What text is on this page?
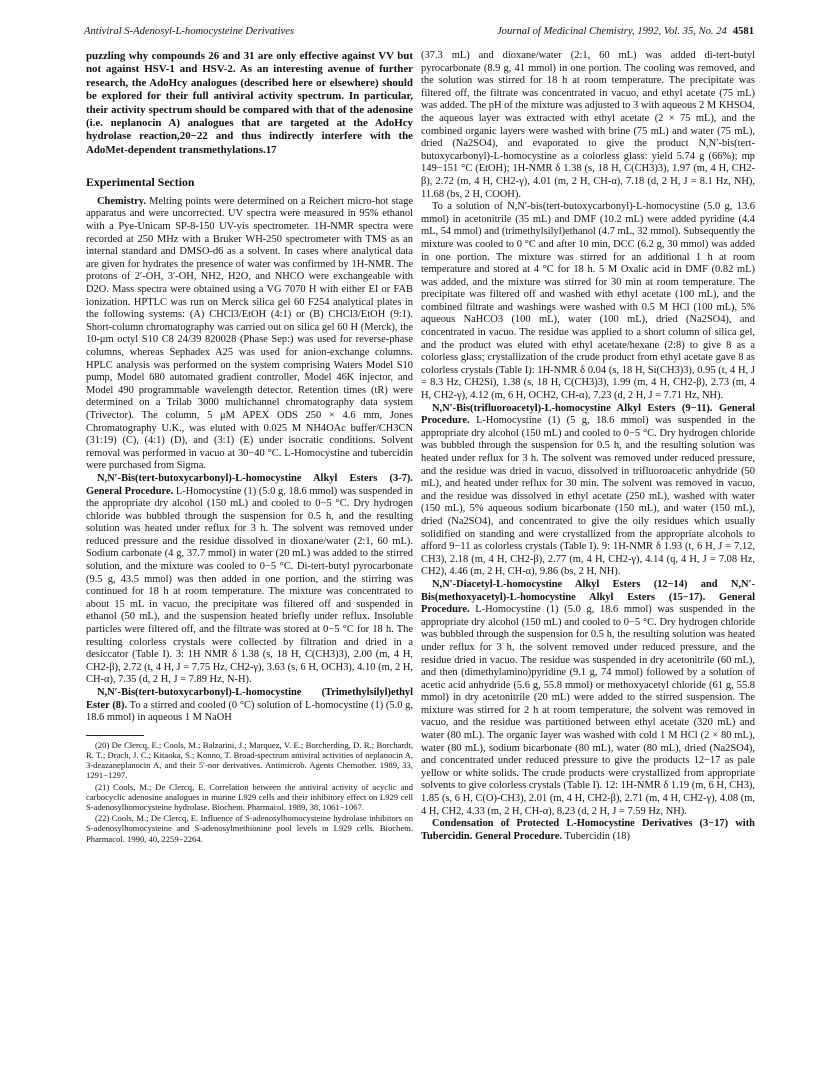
Antiviral S-Adenosyl-L-homocysteine Derivatives	Journal of Medicinal Chemistry, 1992, Vol. 35, No. 24 4581

puzzling why compounds 26 and 31 are only effective against VV but not against HSV-1 and HSV-2. As an interesting avenue of further research, the AdoHcy analogues (described here or elsewhere) should be explored for their full antiviral activity spectrum. In particular, their activity spectrum should be compared with that of the adenosine (i.e. neplanocin A) analogues that are targeted at the AdoHcy hydrolase reaction,20−22 and thus indirectly interfere with the AdoMet-dependent transmethylations.17

Experimental Section

Chemistry. Melting points were determined on a Reichert micro-hot stage apparatus and were uncorrected. UV spectra were measured in 95% ethanol with a Pye-Unicam SP-8-150 UV-vis spectrometer. 1H-NMR spectra were recorded at 250 MHz with a Bruker WH-250 spectrometer with TMS as an internal standard and DMSO-d6 as a solvent. In cases where analytical data are given for hydrates the presence of water was confirmed by 1H-NMR. The protons of 2′-OH, 3′-OH, NH2, H2O, and NHCO were exchangeable with D2O. Mass spectra were obtained using a VG 7070 H with either EI or FAB ionization. HPTLC was run on Merck silica gel 60 F254 analytical plates in the following systems: (A) CHCl3/EtOH (4:1) or (B) CHCl3/EtOH (9:1). Short-column chromatography was carried out on silica gel 60 H (Merck), the 10-μm octyl S10 C8 24/39 820028 (Phase Sep:) was used for reverse-phase columns, whereas Sephadex A25 was used for anion-exchange columns. HPLC analysis was performed on the system comprising Waters Model S10 pump, Model 680 automated gradient controller, Model 46K injector, and Model 490 programmable wavelength detector. Retention times (tR) were determined on a Trilab 3000 multichannel chromatography data system (Trivector). The column, 5 μM APEX ODS 250 × 4.6 mm, Jones Chromatography U.K., was eluted with 0.025 M NH4OAc buffer/CH3CN (31:19) (C), (4:1) (D), and (3:1) (E) under isocratic conditions. Solvent removal was performed in vacuo at 30−40 °C. L-Homocystine and tubercidin were purchased from Sigma.

N,N′-Bis(tert-butoxycarbonyl)-L-homocystine Alkyl Esters (3-7). General Procedure. L-Homocystine (1) (5.0 g, 18.6 mmol) was suspended in the appropriate dry alcohol (150 mL) and cooled to 0−5 °C. Dry hydrogen chloride was bubbled through the suspension for 0.5 h, and the resulting solution was heated under reflux for 3 h. The solvent was removed under reduced pressure and the residue dissolved in dioxane/water (2:1, 60 mL). Sodium carbonate (4 g, 37.7 mmol) in water (20 mL) was added to the stirred solution, and the mixture was cooled to 0−5 °C. Di-tert-butyl pyrocarbonate (9.5 g, 43.5 mmol) was then added in one portion, and the stirring was continued for 18 h at room temperature. The mixture was concentrated to about 15 mL in vacuo, the precipitate was filtered off and suspended in ethanol (50 mL), and the suspension heated briefly under reflux. Insoluble particles were filtered off, and the filtrate was stored at 0−5 °C for 18 h. The resulting colorless crystals were collected by filtration and dried in a desiccator (Table I). 3: 1H NMR δ 1.38 (s, 18 H, C(CH3)3), 2.00 (m, 4 H, CH2-β), 2.72 (t, 4 H, J = 7.75 Hz, CH2-γ), 3.63 (s, 6 H, OCH3), 4.10 (m, 2 H, CH-α), 7.35 (d, 2 H, J = 7.89 Hz, N-H).

N,N′-Bis(tert-butoxycarbonyl)-L-homocystine (Trimethylsilyl)ethyl Ester (8). To a stirred and cooled (0 °C) solution of L-homocystine (1) (5.0 g, 18.6 mmol) in aqueous 1 M NaOH

(20) De Clercq, E.; Cools, M.; Balzarini, J.; Marquez, V. E.; Borcherding, D. R.; Borchardt, R. T.; Drach, J. C.; Kitaoka, S.; Konno, T. Broad-spectrum antiviral activities of neplanocin A, 3-deazaneplanocin A, and their 5′-nor derivatives. Antimicrob. Agents Chemother. 1989, 33, 1291−1297.

(21) Cools, M.; De Clercq, E. Correlation between the antiviral activity of acyclic and carbocyclic adenosine analogues in murine L929 cells and their inhibitory effect on L929 cell S-adenosylhomocysteine hydrolase. Biochem. Pharmacol. 1989, 38, 1061−1067.

(22) Cools, M.; De Clercq, E. Influence of S-adenosylhomocysteine hydrolase inhibitors on S-adenosylhomocysteine and S-adenosylmethionine pool levels in L929 cells. Biochem. Pharmacol. 1990, 40, 2259−2264.

(37.3 mL) and dioxane/water (2:1, 60 mL) was added di-tert-butyl pyrocarbonate (8.9 g, 41 mmol) in one portion. The cooling was removed, and the solution was stirred for 18 h at room temperature. The precipitate was filtered off, the filtrate was concentrated in vacuo, and ethyl acetate (75 mL) was added. The pH of the mixture was adjusted to 3 with aqueous 2 M KHSO4, the aqueous layer was extracted with ethyl acetate (2 × 75 mL), and the combined organic layers were washed with brine (75 mL) and water (75 mL), dried (Na2SO4), and evaporated to give the product N,N′-bis(tert-butoxycarbonyl)-L-homocystine as a colorless glass: yield 5.74 g (66%); mp 149−151 °C (EtOH); 1H-NMR δ 1.38 (s, 18 H, C(CH3)3), 1.97 (m, 4 H, CH2-β), 2.72 (m, 4 H, CH2-γ), 4.01 (m, 2 H, CH-α), 7.18 (d, 2 H, J = 8.1 Hz, NH), 11.68 (bs, 2 H, COOH).

To a solution of N,N′-bis(tert-butoxycarbonyl)-L-homocystine (5.0 g, 13.6 mmol) in acetonitrile (35 mL) and DMF (10.2 mL) were added pyridine (4.4 mL, 54 mmol) and (trimethylsilyl)ethanol (4.7 mL, 32 mmol). Subsequently the mixture was cooled to 0 °C and after 10 min, DCC (6.2 g, 30 mmol) was added in one portion. The mixture was stirred for an additional 1 h at room temperature and stored at 4 °C for 18 h. 5 M Oxalic acid in DMF (0.82 mL) was added, and the mixture was stirred for 30 min at room temperature. The precipitate was filtered off and washed with ethyl acetate (100 mL), and the combined filtrate and washings were washed with 0.5 M HCl (100 mL), 5% aqueous NaHCO3 (100 mL), water (100 mL), dried (Na2SO4), and concentrated in vacuo. The residue was applied to a short column of silica gel, and the product was eluted with ethyl acetate/hexane (2:8) to give 8 as a colorless glass; crystallization of the crude product from ethyl acetate gave 8 as colorless crystals (Table I): 1H-NMR δ 0.04 (s, 18 H, Si(CH3)3), 0.95 (t, 4 H, J = 8.3 Hz, CH2Si), 1.38 (s, 18 H, C(CH3)3), 1.99 (m, 4 H, CH2-β), 2.73 (m, 4 H, CH2-γ), 4.12 (m, 6 H, OCH2, CH-α), 7.23 (d, 2 H, J = 7.71 Hz, NH).

N,N′-Bis(trifluoroacetyl)-L-homocystine Alkyl Esters (9−11). General Procedure. L-Homocystine (1) (5 g, 18.6 mmol) was suspended in the appropriate dry alcohol (150 mL) and cooled to 0−5 °C. Dry hydrogen chloride was bubbled through the suspension for 0.5 h, and the resulting solution was heated under reflux for 3 h. The solvent was removed under reduced pressure, and the residue was dried in vacuo, dissolved in trifluoroacetic anhydride (50 mL), and heated under reflux for 30 min. The solvent was removed in vacuo, and the residue was dissolved in ethyl acetate (250 mL), washed with water (150 mL), 5% aqueous sodium bicarbonate (150 mL), and water (150 mL), dried (Na2SO4), and concentrated to give the oily residues which usually solidified on standing and were crystallized from the appropriate alcohols to afford 9−11 as colorless crystals (Table I). 9: 1H-NMR δ 1.93 (t, 6 H, J = 7.12, CH3), 2.18 (m, 4 H, CH2-β), 2.77 (m, 4 H, CH2-γ), 4.14 (q, 4 H, J = 7.08 Hz, CH2), 4.46 (m, 2 H, CH-α), 9.86 (bs, 2 H, NH).

N,N′-Diacetyl-L-homocystine Alkyl Esters (12−14) and N,N′-Bis(methoxyacetyl)-L-homocystine Alkyl Esters (15−17). General Procedure. L-Homocystine (1) (5.0 g, 18.6 mmol) was suspended in the appropriate dry alcohol (150 mL) and cooled to 0−5 °C. Dry hydrogen chloride was bubbled through the suspension for 0.5 h, the resulting solution was heated under reflux for 3 h, the solvent removed under reduced pressure, and the residue dried in vacuo. The residue was suspended in dry acetonitrile (60 mL), and then (dimethylamino)pyridine (9.1 g, 74 mmol) followed by a solution of acetic acid anhydride (5.6 g, 55.8 mmol) or methoxyacetyl chloride (61 g, 55.8 mmol) in dry acetonitrile (20 mL) were added to the stirred suspension. The mixture was stirred for 2 h at room temperature, the solvent was removed in vacuo, and the residue was partitioned between ethyl acetate (320 mL) and water (80 mL). The organic layer was washed with cold 1 M HCl (2 × 80 mL), water (80 mL), sodium bicarbonate (80 mL), water (80 mL), dried (Na2SO4), and concentrated under reduced pressure to give the products 12−17 as pale yellow or white solids. The crude products were crystallized from appropriate solvents to give colorless crystals (Table I). 12: 1H-NMR δ 1.19 (m, 6 H, CH3), 1.85 (s, 6 H, C(O)-CH3), 2.01 (m, 4 H, CH2-β), 2.71 (m, 4 H, CH2-γ), 4.08 (m, 4 H, CH2, 4.33 (m, 2 H, CH-α), 8.23 (d, 2 H, J = 7.59 Hz, NH).

Condensation of Protected L-Homocystine Derivatives (3−17) with Tubercidin. General Procedure. Tubercidin (18)
